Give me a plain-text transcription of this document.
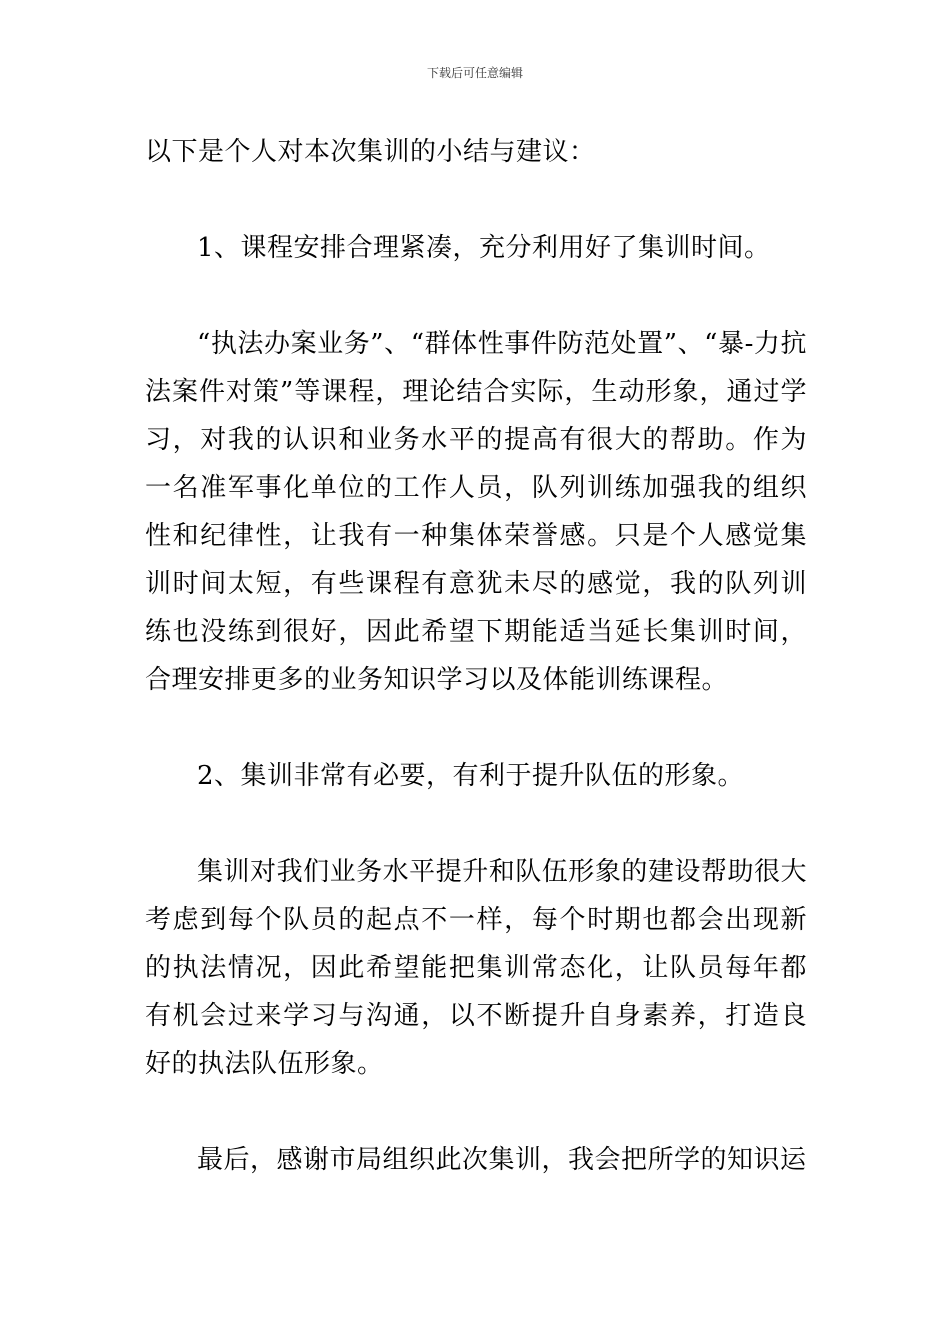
下载后可任意编辑

以下是个人对本次集训的小结与建议：

1、课程安排合理紧凑，充分利用好了集训时间。

“执法办案业务”、“群体性事件防范处置”、“暴-力抗法案件对策”等课程，理论结合实际，生动形象，通过学习，对我的认识和业务水平的提高有很大的帮助。作为一名准军事化单位的工作人员，队列训练加强我的组织性和纪律性，让我有一种集体荣誉感。只是个人感觉集训时间太短，有些课程有意犹未尽的感觉，我的队列训练也没练到很好，因此希望下期能适当延长集训时间，合理安排更多的业务知识学习以及体能训练课程。

2、集训非常有必要，有利于提升队伍的形象。

集训对我们业务水平提升和队伍形象的建设帮助很大考虑到每个队员的起点不一样，每个时期也都会出现新的执法情况，因此希望能把集训常态化，让队员每年都有机会过来学习与沟通，以不断提升自身素养，打造良好的执法队伍形象。

最后，感谢市局组织此次集训，我会把所学的知识运
